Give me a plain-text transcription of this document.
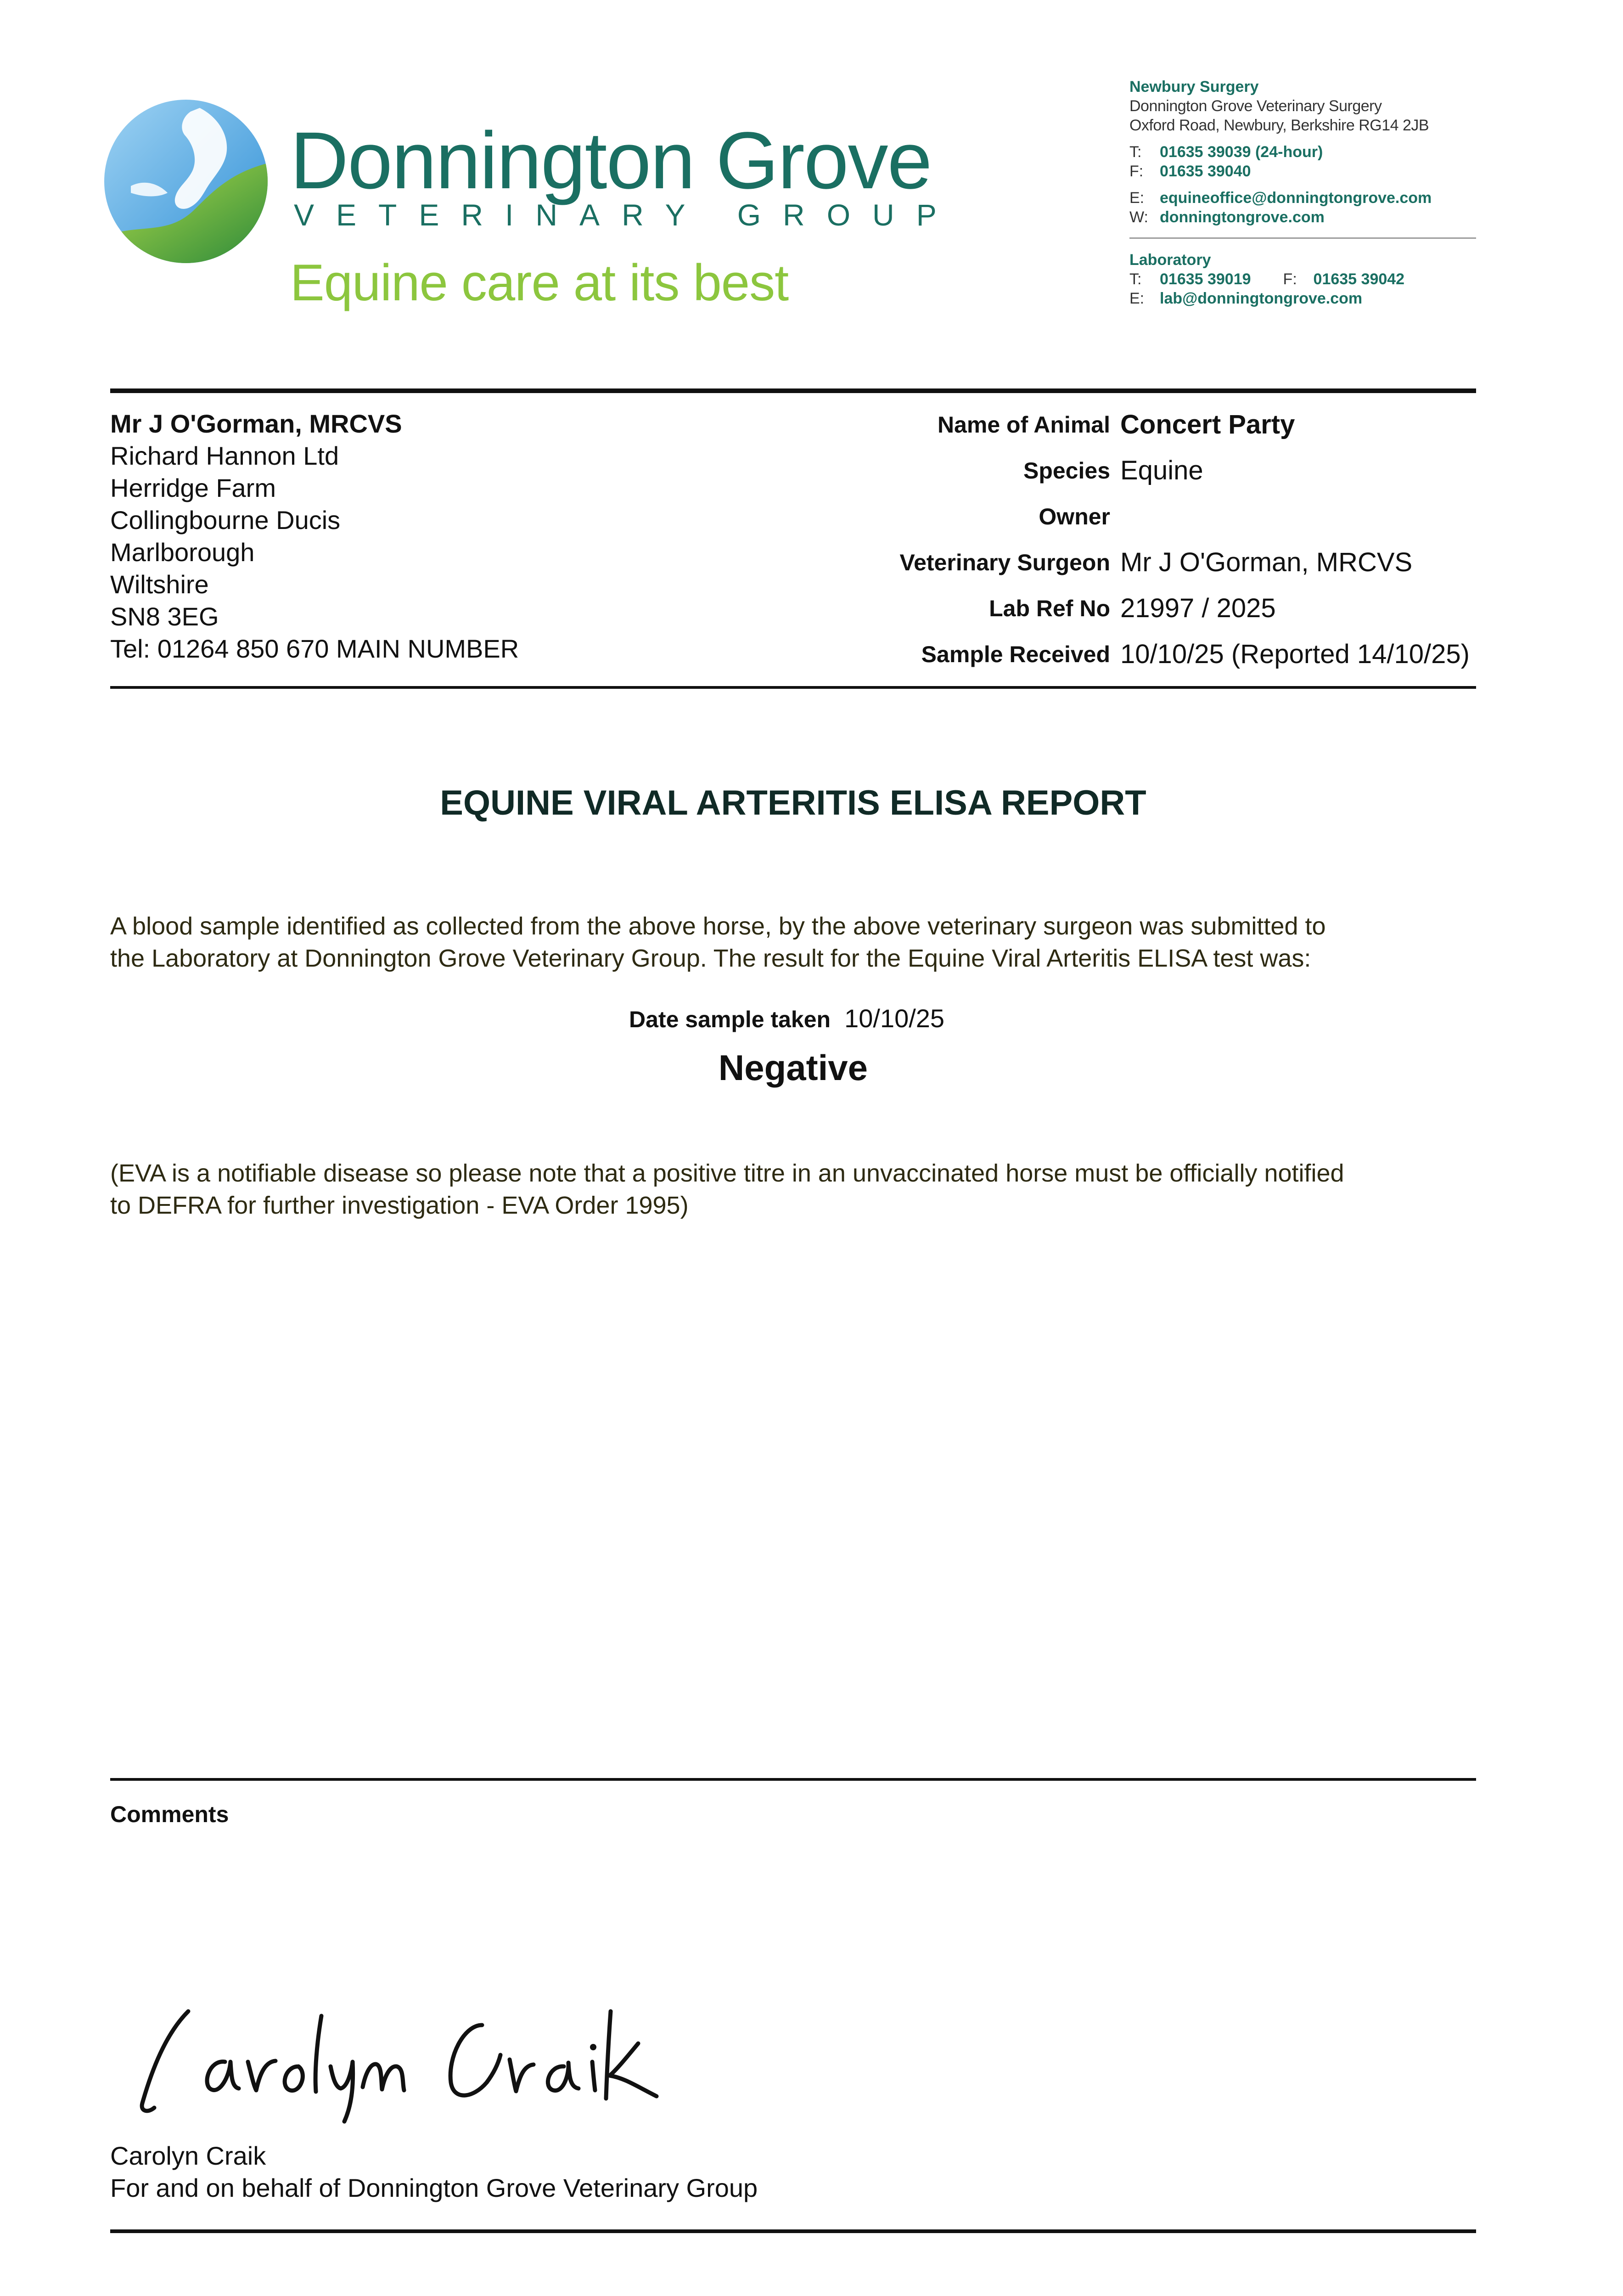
Donnington Grove
VETERINARY GROUP
Equine care at its best
Newbury Surgery
Donnington Grove Veterinary Surgery
Oxford Road, Newbury, Berkshire RG14 2JB
T: 01635 39039 (24-hour)
F: 01635 39040
E: equineoffice@donningtongrove.com
W: donningtongrove.com
Laboratory
T: 01635 39019 F: 01635 39042
E: lab@donningtongrove.com
Mr J O'Gorman, MRCVS
Richard Hannon Ltd
Herridge Farm
Collingbourne Ducis
Marlborough
Wiltshire
SN8 3EG
Tel: 01264 850 670 MAIN NUMBER
Name of Animal Concert Party
Species Equine
Owner
Veterinary Surgeon Mr J O'Gorman, MRCVS
Lab Ref No 21997 / 2025
Sample Received 10/10/25 (Reported 14/10/25)
EQUINE VIRAL ARTERITIS ELISA REPORT
A blood sample identified as collected from the above horse, by the above veterinary surgeon was submitted to
the Laboratory at Donnington Grove Veterinary Group. The result for the Equine Viral Arteritis ELISA test was:
Date sample taken 10/10/25
Negative
(EVA is a notifiable disease so please note that a positive titre in an unvaccinated horse must be officially notified
to DEFRA for further investigation - EVA Order 1995)
Comments
Carolyn Craik
For and on behalf of Donnington Grove Veterinary Group
